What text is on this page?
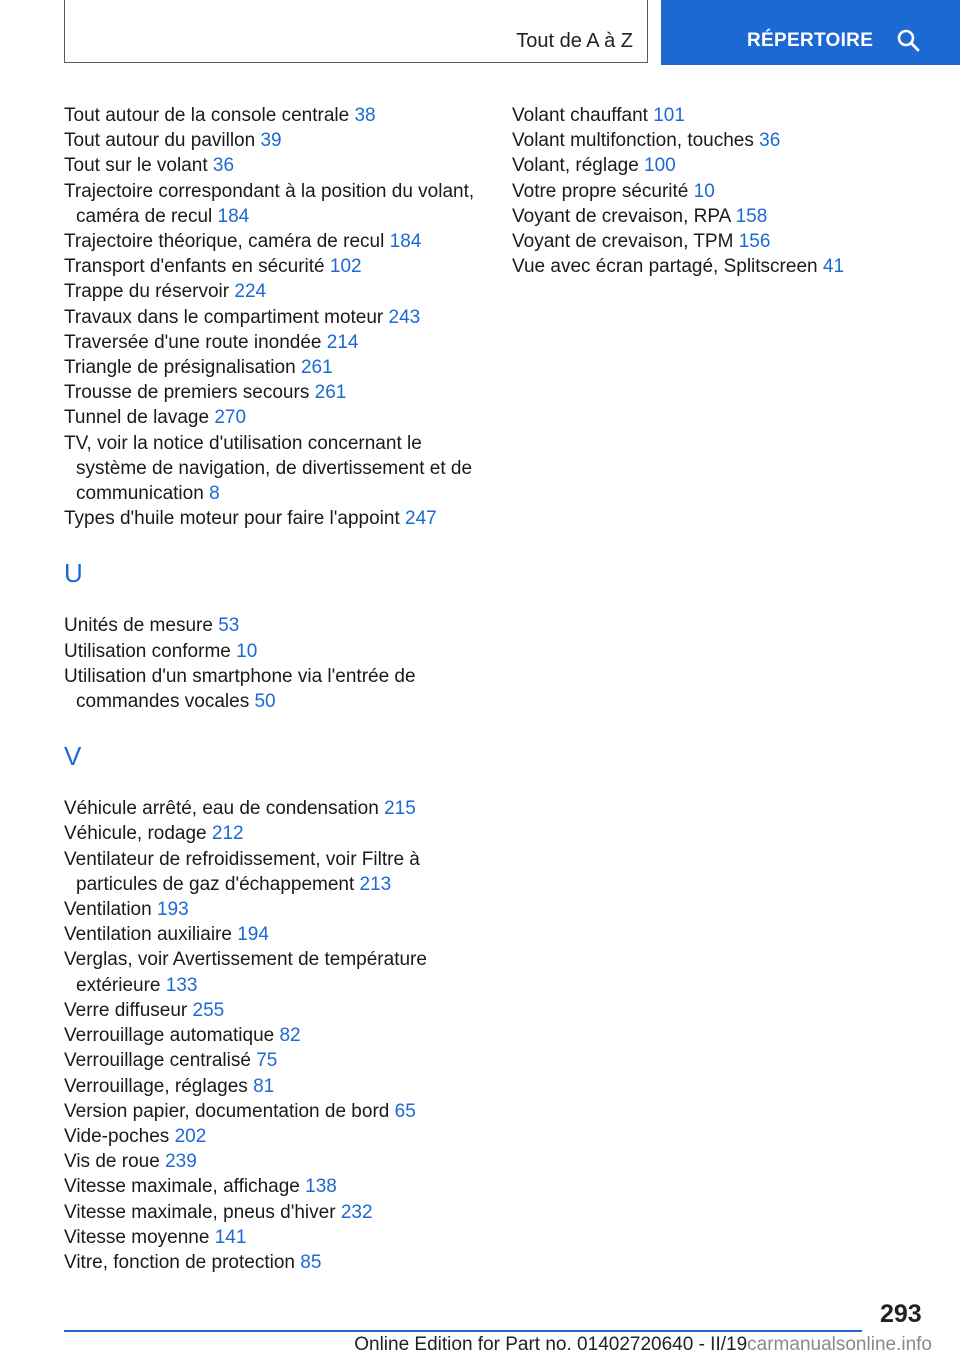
Tout de A à Z	RÉPERTOIRE

Tout autour de la console centrale 38

Tout autour du pavillon 39

Tout sur le volant 36

Trajectoire correspondant à la position du volant, caméra de recul 184

Trajectoire théorique, caméra de recul 184

Transport d'enfants en sécurité 102

Trappe du réservoir 224

Travaux dans le compartiment moteur 243

Traversée d'une route inondée 214

Triangle de présignalisation 261

Trousse de premiers secours 261

Tunnel de lavage 270

TV, voir la notice d'utilisation concernant le système de navigation, de divertissement et de communication 8

Types d'huile moteur pour faire l'appoint 247

U

Unités de mesure 53

Utilisation conforme 10

Utilisation d'un smartphone via l'entrée de commandes vocales 50

V

Véhicule arrêté, eau de condensation 215

Véhicule, rodage 212

Ventilateur de refroidissement, voir Filtre à particules de gaz d'échappement 213

Ventilation 193

Ventilation auxiliaire 194

Verglas, voir Avertissement de température extérieure 133

Verre diffuseur 255

Verrouillage automatique 82

Verrouillage centralisé 75

Verrouillage, réglages 81

Version papier, documentation de bord 65

Vide-poches 202

Vis de roue 239

Vitesse maximale, affichage 138

Vitesse maximale, pneus d'hiver 232

Vitesse moyenne 141

Vitre, fonction de protection 85

Volant chauffant 101

Volant multifonction, touches 36

Volant, réglage 100

Votre propre sécurité 10

Voyant de crevaison, RPA 158

Voyant de crevaison, TPM 156

Vue avec écran partagé, Splitscreen 41

293
Online Edition for Part no. 01402720640 - II/19carmanualsonline.info
